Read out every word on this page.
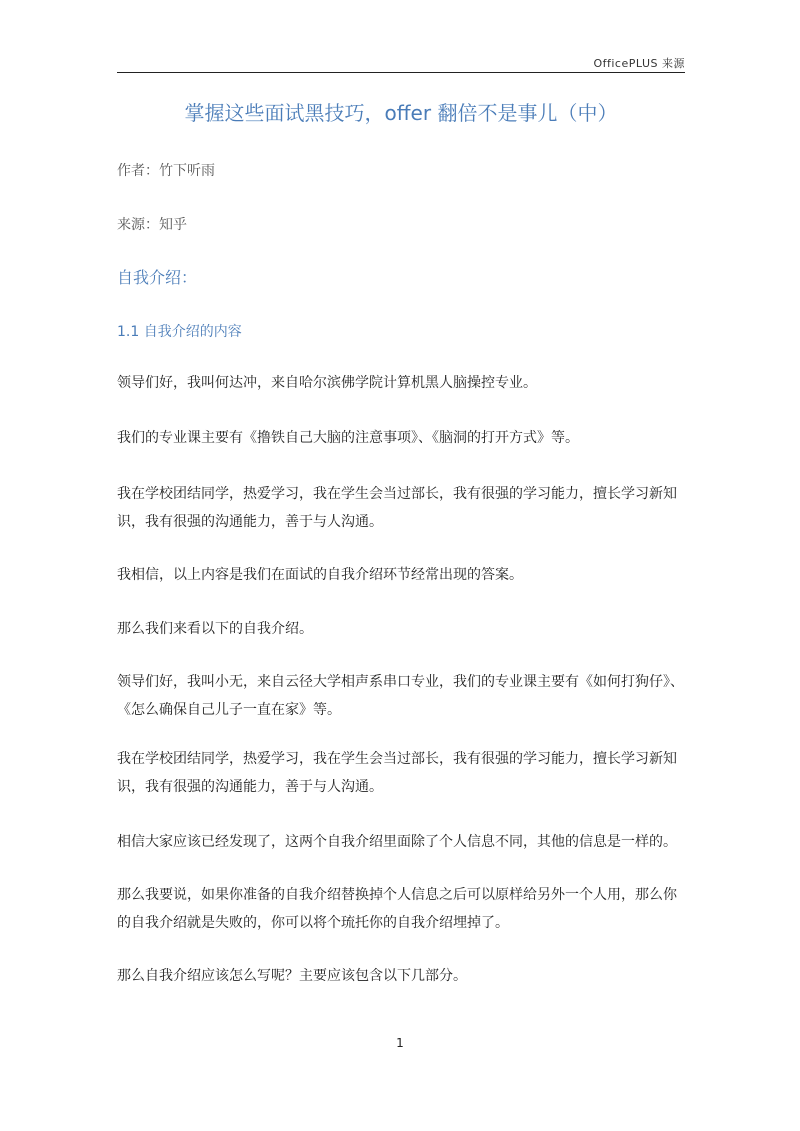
OfficePLUS 来源
掌握这些面试黑技巧，offer 翻倍不是事儿（中）
作者：竹下听雨
来源：知乎
自我介绍：
1.1 自我介绍的内容

领导们好，我叫何达冲，来自哈尔滨佛学院计算机黑人脑操控专业。

我们的专业课主要有《撸铁自己大脑的注意事项》、《脑洞的打开方式》等。

我在学校团结同学，热爱学习，我在学生会当过部长，我有很强的学习能力，擅长学习新知识，我有很强的沟通能力，善于与人沟通。

我相信，以上内容是我们在面试的自我介绍环节经常出现的答案。

那么我们来看以下的自我介绍。

领导们好，我叫小无，来自云径大学相声系串口专业，我们的专业课主要有《如何打狗仔》、《怎么确保自己儿子一直在家》等。

我在学校团结同学，热爱学习，我在学生会当过部长，我有很强的学习能力，擅长学习新知识，我有很强的沟通能力，善于与人沟通。

相信大家应该已经发现了，这两个自我介绍里面除了个人信息不同，其他的信息是一样的。

那么我要说，如果你准备的自我介绍替换掉个人信息之后可以原样给另外一个人用，那么你的自我介绍就是失败的，你可以将个琉托你的自我介绍埋掉了。

那么自我介绍应该怎么写呢？主要应该包含以下几部分。

1
